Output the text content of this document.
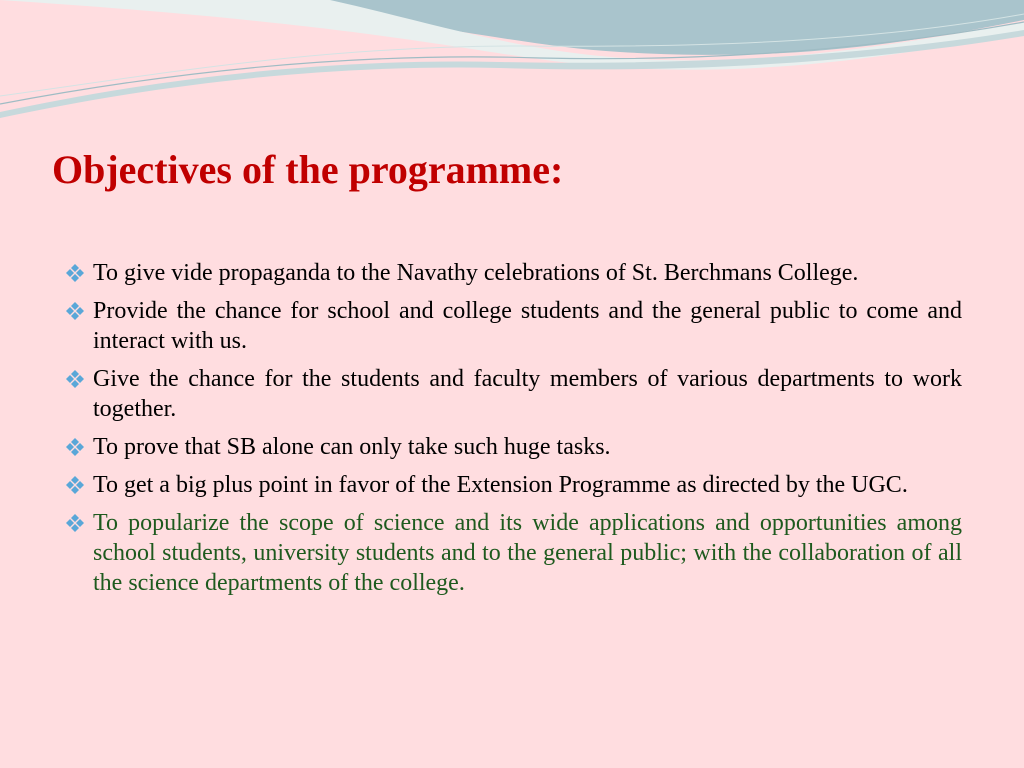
Objectives of the programme:
To give vide propaganda to the Navathy celebrations of St. Berchmans College.
Provide the chance for school and college students and the general public to come and interact with us.
Give the chance for the students and faculty members of various departments to work together.
To prove that SB alone can only take such huge tasks.
To get a big plus point in favor of the Extension Programme as directed by the UGC.
To popularize the scope of science and its wide applications and opportunities among school students, university students and to the general public; with the collaboration of all the science departments of the college.
